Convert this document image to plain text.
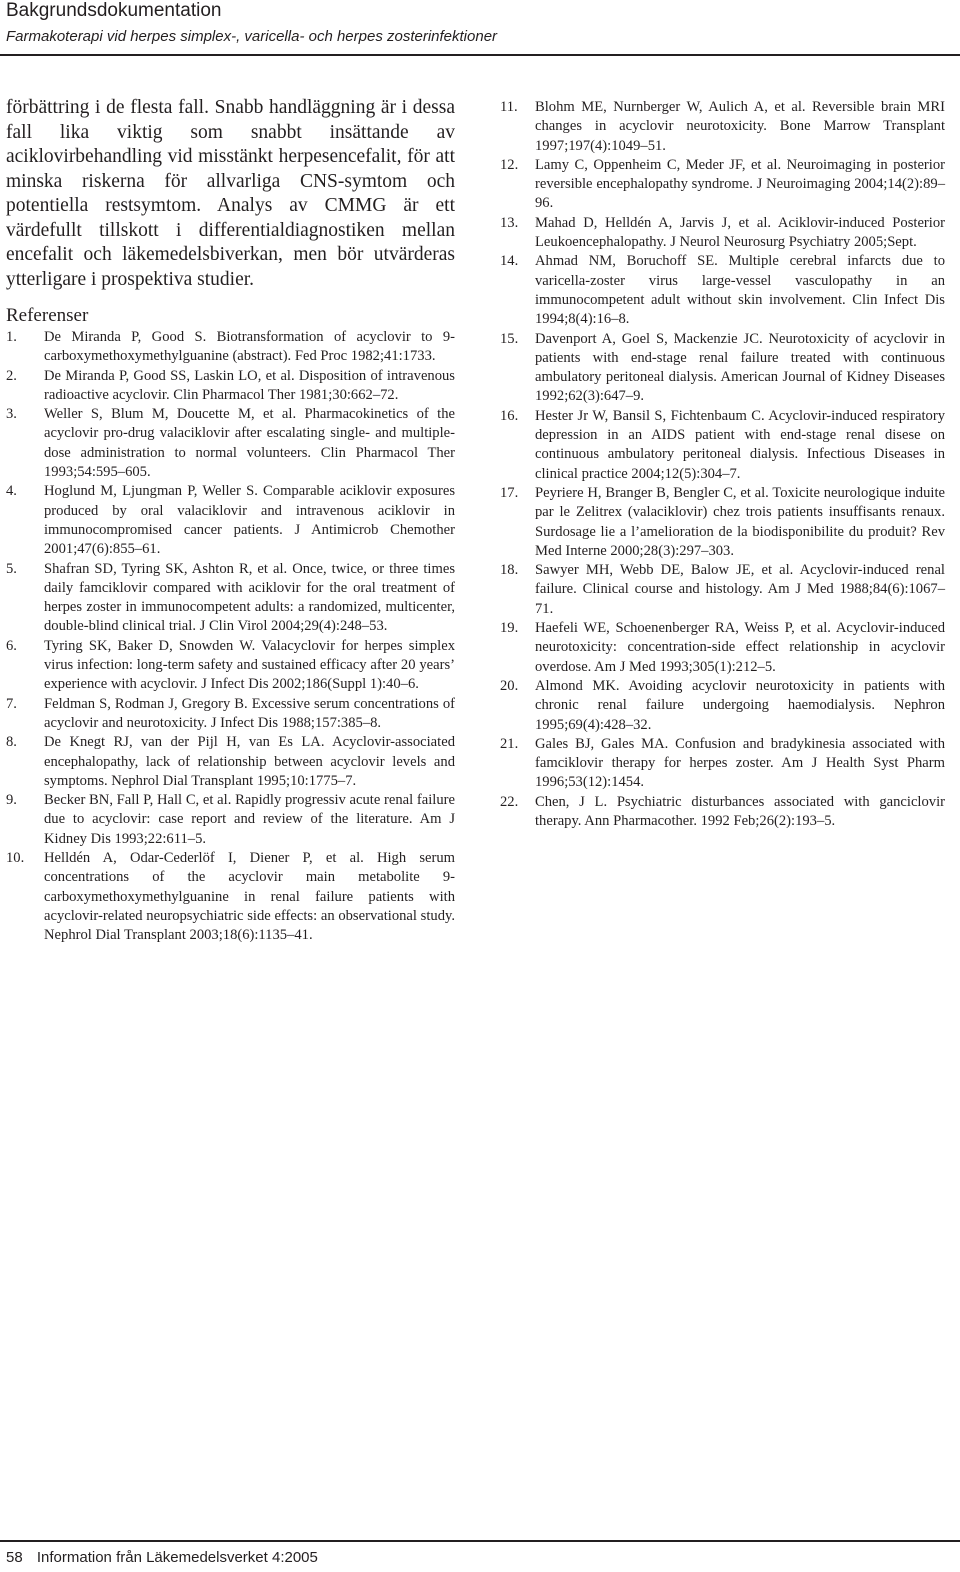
Bakgrundsdokumentation
Farmakoterapi vid herpes simplex-, varicella- och herpes zosterinfektioner

förbättring i de flesta fall. Snabb handläggning är i dessa fall lika viktig som snabbt insättande av aciklovirbehandling vid misstänkt herpesencefalit, för att minska riskerna för allvarliga CNS-symtom och potentiella restsymtom. Analys av CMMG är ett värdefullt tillskott i differentialdiagnostiken mellan encefalit och läkemedelsbiverkan, men bör utvärderas ytterligare i prospektiva studier.

Referenser
1. De Miranda P, Good S. Biotransformation of acyclovir to 9-carboxymethoxymethylguanine (abstract). Fed Proc 1982;41:1733.
2. De Miranda P, Good SS, Laskin LO, et al. Disposition of intravenous radioactive acyclovir. Clin Pharmacol Ther 1981;30:662–72.
3. Weller S, Blum M, Doucette M, et al. Pharmacokinetics of the acyclovir pro-drug valaciklovir after escalating single- and multiple-dose administration to normal volunteers. Clin Pharmacol Ther 1993;54:595–605.
4. Hoglund M, Ljungman P, Weller S. Comparable aciklovir exposures produced by oral valaciklovir and intravenous aciklovir in immunocompromised cancer patients. J Antimicrob Chemother 2001;47(6):855–61.
5. Shafran SD, Tyring SK, Ashton R, et al. Once, twice, or three times daily famciklovir compared with aciklovir for the oral treatment of herpes zoster in immunocompetent adults: a randomized, multicenter, double-blind clinical trial. J Clin Virol 2004;29(4):248–53.
6. Tyring SK, Baker D, Snowden W. Valacyclovir for herpes simplex virus infection: long-term safety and sustained efficacy after 20 years’ experience with acyclovir. J Infect Dis 2002;186(Suppl 1):40–6.
7. Feldman S, Rodman J, Gregory B. Excessive serum concentrations of acyclovir and neurotoxicity. J Infect Dis 1988;157:385–8.
8. De Knegt RJ, van der Pijl H, van Es LA. Acyclovir-associated encephalopathy, lack of relationship between acyclovir levels and symptoms. Nephrol Dial Transplant 1995;10:1775–7.
9. Becker BN, Fall P, Hall C, et al. Rapidly progressiv acute renal failure due to acyclovir: case report and review of the literature. Am J Kidney Dis 1993;22:611–5.
10. Helldén A, Odar-Cederlöf I, Diener P, et al. High serum concentrations of the acyclovir main metabolite 9-carboxymethoxymethylguanine in renal failure patients with acyclovir-related neuropsychiatric side effects: an observational study. Nephrol Dial Transplant 2003;18(6):1135–41.
11. Blohm ME, Nurnberger W, Aulich A, et al. Reversible brain MRI changes in acyclovir neurotoxicity. Bone Marrow Transplant 1997;197(4):1049–51.
12. Lamy C, Oppenheim C, Meder JF, et al. Neuroimaging in posterior reversible encephalopathy syndrome. J Neuroimaging 2004;14(2):89–96.
13. Mahad D, Helldén A, Jarvis J, et al. Aciklovir-induced Posterior Leukoencephalopathy. J Neurol Neurosurg Psychiatry 2005;Sept.
14. Ahmad NM, Boruchoff SE. Multiple cerebral infarcts due to varicella-zoster virus large-vessel vasculopathy in an immunocompetent adult without skin involvement. Clin Infect Dis 1994;8(4):16–8.
15. Davenport A, Goel S, Mackenzie JC. Neurotoxicity of acyclovir in patients with end-stage renal failure treated with continuous ambulatory peritoneal dialysis. American Journal of Kidney Diseases 1992;62(3):647–9.
16. Hester Jr W, Bansil S, Fichtenbaum C. Acyclovir-induced respiratory depression in an AIDS patient with end-stage renal disese on continuous ambulatory peritoneal dialysis. Infectious Diseases in clinical practice 2004;12(5):304–7.
17. Peyriere H, Branger B, Bengler C, et al. Toxicite neurologique induite par le Zelitrex (valaciklovir) chez trois patients insuffisants renaux. Surdosage lie a l’amelioration de la biodisponibilite du produit? Rev Med Interne 2000;28(3):297–303.
18. Sawyer MH, Webb DE, Balow JE, et al. Acyclovir-induced renal failure. Clinical course and histology. Am J Med 1988;84(6):1067–71.
19. Haefeli WE, Schoenenberger RA, Weiss P, et al. Acyclovir-induced neurotoxicity: concentration-side effect relationship in acyclovir overdose. Am J Med 1993;305(1):212–5.
20. Almond MK. Avoiding acyclovir neurotoxicity in patients with chronic renal failure undergoing haemodialysis. Nephron 1995;69(4):428–32.
21. Gales BJ, Gales MA. Confusion and bradykinesia associated with famciklovir therapy for herpes zoster. Am J Health Syst Pharm 1996;53(12):1454.
22. Chen, J L. Psychiatric disturbances associated with ganciclovir therapy. Ann Pharmacother. 1992 Feb;26(2):193–5.
58 Information från Läkemedelsverket 4:2005
